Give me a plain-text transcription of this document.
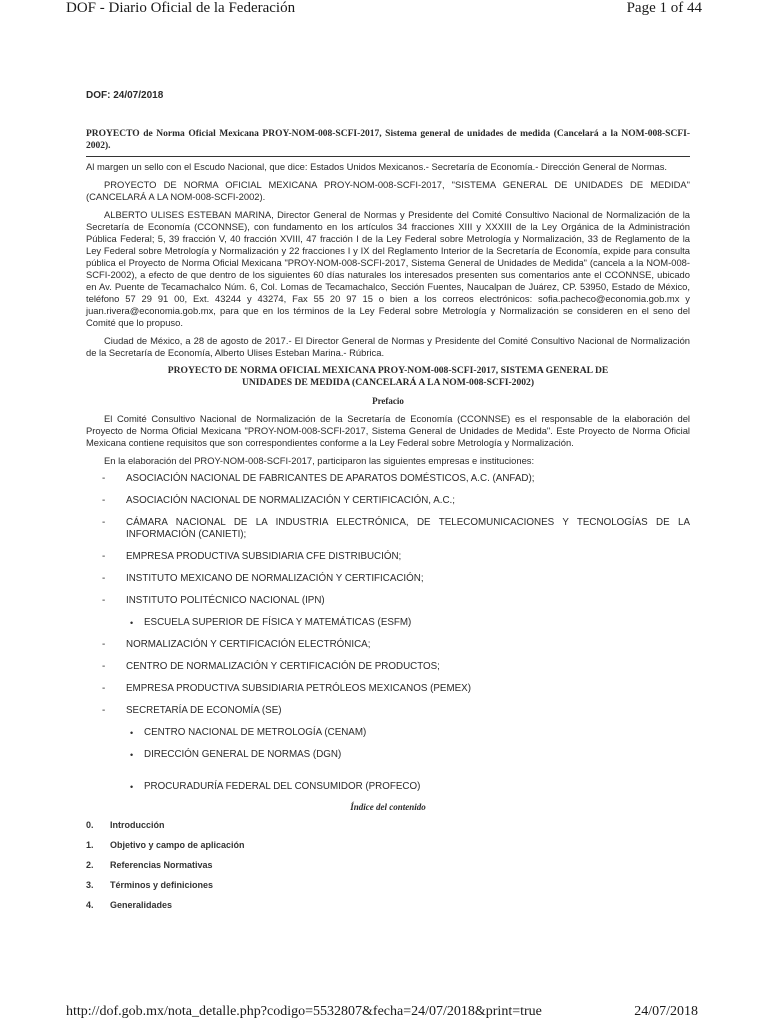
DOF - Diario Oficial de la Federación	Page 1 of 44
DOF: 24/07/2018

PROYECTO de Norma Oficial Mexicana PROY-NOM-008-SCFI-2017, Sistema general de unidades de medida (Cancelará a la NOM-008-SCFI-2002).

Al margen un sello con el Escudo Nacional, que dice: Estados Unidos Mexicanos.- Secretaría de Economía.- Dirección General de Normas.

PROYECTO DE NORMA OFICIAL MEXICANA PROY-NOM-008-SCFI-2017, "SISTEMA GENERAL DE UNIDADES DE MEDIDA" (CANCELARÁ A LA NOM-008-SCFI-2002).

ALBERTO ULISES ESTEBAN MARINA, Director General de Normas y Presidente del Comité Consultivo Nacional de Normalización de la Secretaría de Economía (CCONNSE), con fundamento en los artículos 34 fracciones XIII y XXXIII de la Ley Orgánica de la Administración Pública Federal; 5, 39 fracción V, 40 fracción XVIII, 47 fracción I de la Ley Federal sobre Metrología y Normalización, 33 de Reglamento de la Ley Federal sobre Metrología y Normalización y 22 fracciones I y IX del Reglamento Interior de la Secretaría de Economía, expide para consulta pública el Proyecto de Norma Oficial Mexicana "PROY-NOM-008-SCFI-2017, Sistema General de Unidades de Medida" (cancela a la NOM-008-SCFI-2002), a efecto de que dentro de los siguientes 60 días naturales los interesados presenten sus comentarios ante el CCONNSE, ubicado en Av. Puente de Tecamachalco Núm. 6, Col. Lomas de Tecamachalco, Sección Fuentes, Naucalpan de Juárez, CP. 53950, Estado de México, teléfono 57 29 91 00, Ext. 43244 y 43274, Fax 55 20 97 15 o bien a los correos electrónicos: sofia.pacheco@economia.gob.mx y juan.rivera@economia.gob.mx, para que en los términos de la Ley Federal sobre Metrología y Normalización se consideren en el seno del Comité que lo propuso.

Ciudad de México, a 28 de agosto de 2017.- El Director General de Normas y Presidente del Comité Consultivo Nacional de Normalización de la Secretaría de Economía, Alberto Ulises Esteban Marina.- Rúbrica.

PROYECTO DE NORMA OFICIAL MEXICANA PROY-NOM-008-SCFI-2017, SISTEMA GENERAL DE UNIDADES DE MEDIDA (CANCELARÁ A LA NOM-008-SCFI-2002)
Prefacio

El Comité Consultivo Nacional de Normalización de la Secretaría de Economía (CCONNSE) es el responsable de la elaboración del Proyecto de Norma Oficial Mexicana "PROY-NOM-008-SCFI-2017, Sistema General de Unidades de Medida". Este Proyecto de Norma Oficial Mexicana contiene requisitos que son correspondientes conforme a la Ley Federal sobre Metrología y Normalización.

En la elaboración del PROY-NOM-008-SCFI-2017, participaron las siguientes empresas e instituciones:

- ASOCIACIÓN NACIONAL DE FABRICANTES DE APARATOS DOMÉSTICOS, A.C. (ANFAD);
- ASOCIACIÓN NACIONAL DE NORMALIZACIÓN Y CERTIFICACIÓN, A.C.;
- CÁMARA NACIONAL DE LA INDUSTRIA ELECTRÓNICA, DE TELECOMUNICACIONES Y TECNOLOGÍAS DE LA INFORMACIÓN (CANIETI);
- EMPRESA PRODUCTIVA SUBSIDIARIA CFE DISTRIBUCIÓN;
- INSTITUTO MEXICANO DE NORMALIZACIÓN Y CERTIFICACIÓN;
- INSTITUTO POLITÉCNICO NACIONAL (IPN)
• ESCUELA SUPERIOR DE FÍSICA Y MATEMÁTICAS (ESFM)
- NORMALIZACIÓN Y CERTIFICACIÓN ELECTRÓNICA;
- CENTRO DE NORMALIZACIÓN Y CERTIFICACIÓN DE PRODUCTOS;
- EMPRESA PRODUCTIVA SUBSIDIARIA PETRÓLEOS MEXICANOS (PEMEX)
- SECRETARÍA DE ECONOMÍA (SE)
• CENTRO NACIONAL DE METROLOGÍA (CENAM)
• DIRECCIÓN GENERAL DE NORMAS (DGN)
• PROCURADURÍA FEDERAL DEL CONSUMIDOR (PROFECO)
Índice del contenido
0.	Introducción
1.	Objetivo y campo de aplicación
2.	Referencias Normativas
3.	Términos y definiciones
4.	Generalidades
http://dof.gob.mx/nota_detalle.php?codigo=5532807&fecha=24/07/2018&print=true	24/07/2018
